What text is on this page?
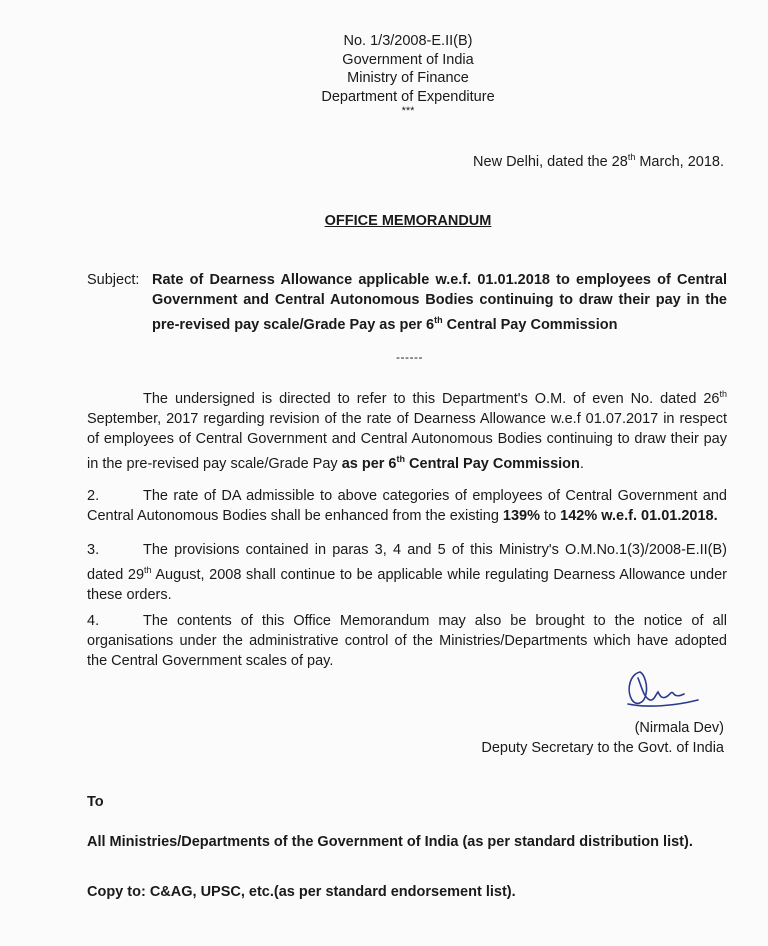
No. 1/3/2008-E.II(B)
Government of India
Ministry of Finance
Department of Expenditure
***
New Delhi, dated the 28th March, 2018.
OFFICE MEMORANDUM
Subject: Rate of Dearness Allowance applicable w.e.f. 01.01.2018 to employees of Central Government and Central Autonomous Bodies continuing to draw their pay in the pre-revised pay scale/Grade Pay as per 6th Central Pay Commission
------
The undersigned is directed to refer to this Department's O.M. of even No. dated 26th September, 2017 regarding revision of the rate of Dearness Allowance w.e.f 01.07.2017 in respect of employees of Central Government and Central Autonomous Bodies continuing to draw their pay in the pre-revised pay scale/Grade Pay as per 6th Central Pay Commission.
2.	The rate of DA admissible to above categories of employees of Central Government and Central Autonomous Bodies shall be enhanced from the existing 139% to 142% w.e.f. 01.01.2018.
3.	The provisions contained in paras 3, 4 and 5 of this Ministry's O.M.No.1(3)/2008-E.II(B) dated 29th August, 2008 shall continue to be applicable while regulating Dearness Allowance under these orders.
4.	The contents of this Office Memorandum may also be brought to the notice of all organisations under the administrative control of the Ministries/Departments which have adopted the Central Government scales of pay.
(Nirmala Dev)
Deputy Secretary to the Govt. of India
To
All Ministries/Departments of the Government of India (as per standard distribution list).
Copy to: C&AG, UPSC, etc.(as per standard endorsement list).
